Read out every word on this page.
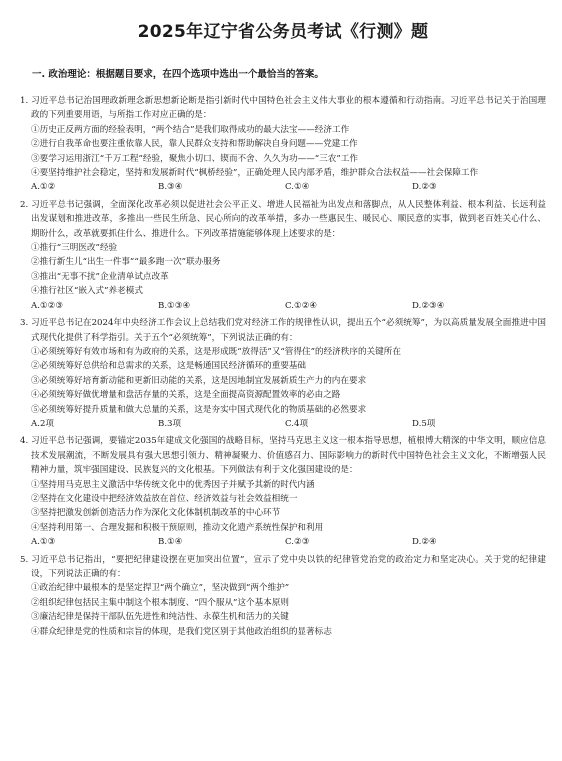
2025年辽宁省公务员考试《行测》题
一. 政治理论：根据题目要求，在四个选项中选出一个最恰当的答案。

1. 习近平总书记治国理政新理念新思想新论断是指引新时代中国特色社会主义伟大事业的根本遵循和行动指南。习近平总书记关于治国理政的下列重要用语，与所指工作对应正确的是：

①历史正反两方面的经验表明，“两个结合”是我们取得成功的最大法宝——经济工作

②进行自我革命也要注重依靠人民，靠人民群众支持和帮助解决自身问题——党建工作

③要学习运用浙江“千万工程”经验，聚焦小切口、锲而不舍、久久为功——“三农”工作

④要坚持维护社会稳定，坚持和发展新时代“枫桥经验”，正确处理人民内部矛盾，维护群众合法权益——社会保障工作

A.①②	B.③④	C.①④	D.②③

2. 习近平总书记强调，全面深化改革必须以促进社会公平正义、增进人民福祉为出发点和落脚点，从人民整体利益、根本利益、长远利益出发谋划和推进改革，多推出一些民生所急、民心所向的改革举措，多办一些惠民生、暖民心、顺民意的实事，做到老百姓关心什么、期盼什么，改革就要抓住什么、推进什么。下列改革措施能够体现上述要求的是：

①推行“三明医改”经验

②推行新生儿“出生一件事”“最多跑一次”联办服务

③推出“无事不扰”企业清单试点改革

④推行社区“嵌入式”养老模式

A.①②③	B.①③④	C.①②④	D.②③④

3. 习近平总书记在2024年中央经济工作会议上总结我们党对经济工作的规律性认识，提出五个“必须统筹”，为以高质量发展全面推进中国式现代化提供了科学指引。关于五个“必须统筹”，下列说法正确的有：

①必须统筹好有效市场和有为政府的关系，这是形成既“放得活”又“管得住”的经济秩序的关键所在

②必须统筹好总供给和总需求的关系，这是畅通国民经济循环的重要基础

③必须统筹好培育新动能和更新旧动能的关系，这是因地制宜发展新质生产力的内在要求

④必须统筹好做优增量和盘活存量的关系，这是全面提高资源配置效率的必由之路

⑤必须统筹好提升质量和做大总量的关系，这是夯实中国式现代化的物质基础的必然要求

A.2项	B.3项	C.4项	D.5项

4. 习近平总书记强调，要锚定2035年建成文化强国的战略目标，坚持马克思主义这一根本指导思想，植根博大精深的中华文明，顺应信息技术发展潮流，不断发展具有强大思想引领力、精神凝聚力、价值感召力、国际影响力的新时代中国特色社会主义文化，不断增强人民精神力量，筑牢强国建设、民族复兴的文化根基。下列做法有利于文化强国建设的是：

①坚持用马克思主义激活中华传统文化中的优秀因子并赋予其新的时代内涵

②坚持在文化建设中把经济效益放在首位、经济效益与社会效益相统一

③坚持把激发创新创造活力作为深化文化体制机制改革的中心环节

④坚持利用第一、合理发掘和积极干预原则，推动文化遗产系统性保护和利用

A.①③	B.①④	C.②③	D.②④

5. 习近平总书记指出，“要把纪律建设摆在更加突出位置”，宣示了党中央以铁的纪律管党治党的政治定力和坚定决心。关于党的纪律建设，下列说法正确的有：

①政治纪律中最根本的是坚定捍卫“两个确立”，坚决做到“两个维护”

②组织纪律包括民主集中制这个根本制度、“四个服从”这个基本原则

③廉洁纪律是保持干部队伍先进性和纯洁性、永葆生机和活力的关键

④群众纪律是党的性质和宗旨的体现，是我们党区别于其他政治组织的显著标志
